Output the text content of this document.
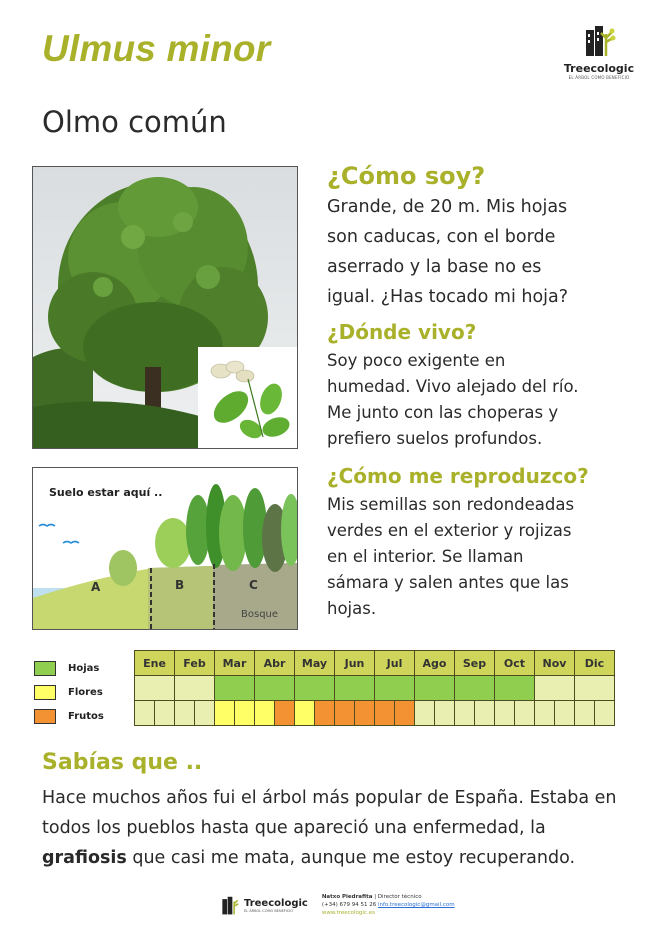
Ulmus minor
Olmo común
Treecologic
EL ÁRBOL COMO BENEFICIO
Suelo estar aquí ..
A	B	C
Bosque
¿Cómo soy?
Grande, de 20 m. Mis hojas
son caducas, con el borde
aserrado y la base no es
igual. ¿Has tocado mi hoja?
¿Dónde vivo?
Soy poco exigente en
humedad. Vivo alejado del río.
Me junto con las choperas y
prefiero suelos profundos.
¿Cómo me reproduzco?
Mis semillas son redondeadas
verdes en el exterior y rojizas
en el interior. Se llaman
sámara y salen antes que las
hojas.
Hojas
Flores
Frutos
Ene		Feb		Mar		Abr		May		Jun		Jul		Ago		Sep		Oct		Nov		Dic	

Sabías que ..
Hace muchos años fui el árbol más popular de España. Estaba en todos los pueblos hasta que apareció una enfermedad, la grafiosis que casi me mata, aunque me estoy recuperando.
Treecologic
EL ÁRBOL COMO BENEFICIO
Natxo Piedrafita | Director técnico
(+34) 679 94 51 26 info.treecologic@gmail.com
www.treecologic.es
